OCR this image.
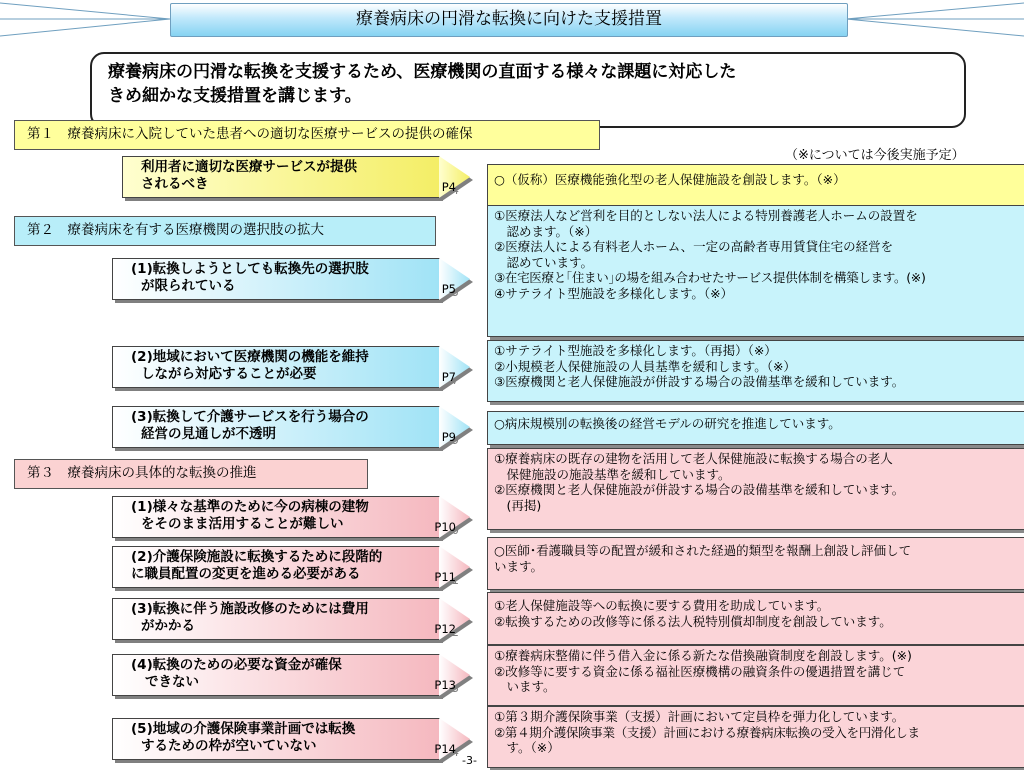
療養病床の円滑な転換に向けた支援措置
療養病床の円滑な転換を支援するため、医療機関の直面する様々な課題に対応した
きめ細かな支援措置を講じます。
第１　療養病床に入院していた患者への適切な医療サービスの提供の確保
第２　療養病床を有する医療機関の選択肢の拡大
第３　療養病床の具体的な転換の推進
（※については今後実施予定）
利用者に適切な医療サービスが提供
されるべき	P4
(1)転換しようとしても転換先の選択肢
が限られている	P5
(2)地域において医療機関の機能を維持
しながら対応することが必要	P7
(3)転換して介護サービスを行う場合の
経営の見通しが不透明	P9
(1)様々な基準のために今の病棟の建物
をそのまま活用することが難しい	P10
(2)介護保険施設に転換するために段階的
に職員配置の変更を進める必要がある	P11
(3)転換に伴う施設改修のためには費用
がかかる	P12
(4)転換のための必要な資金が確保
できない	P13
(5)地域の介護保険事業計画では転換
するための枠が空いていない	P14
○（仮称）医療機能強化型の老人保健施設を創設します。（※）
①医療法人など営利を目的としない法人による特別養護老人ホームの設置を
　認めます。（※）
②医療法人による有料老人ホーム、一定の高齢者専用賃貸住宅の経営を
　認めています。
③在宅医療と｢住まい｣の場を組み合わせたサービス提供体制を構築します。(※)
④サテライト型施設を多様化します。（※）
①サテライト型施設を多様化します。（再掲）（※）
②小規模老人保健施設の人員基準を緩和します。（※）
③医療機関と老人保健施設が併設する場合の設備基準を緩和しています。
○病床規模別の転換後の経営モデルの研究を推進しています。
①療養病床の既存の建物を活用して老人保健施設に転換する場合の老人
　保健施設の施設基準を緩和しています。
②医療機関と老人保健施設が併設する場合の設備基準を緩和しています。
　(再掲)
○医師･看護職員等の配置が緩和された経過的類型を報酬上創設し評価して
います。
①老人保健施設等への転換に要する費用を助成しています。
②転換するための改修等に係る法人税特別償却制度を創設しています。
①療養病床整備に伴う借入金に係る新たな借換融資制度を創設します。(※)
②改修等に要する資金に係る福祉医療機構の融資条件の優遇措置を講じて
　います。
①第３期介護保険事業（支援）計画において定員枠を弾力化しています。
②第４期介護保険事業（支援）計画における療養病床転換の受入を円滑化しま
　す。（※）
-3-
